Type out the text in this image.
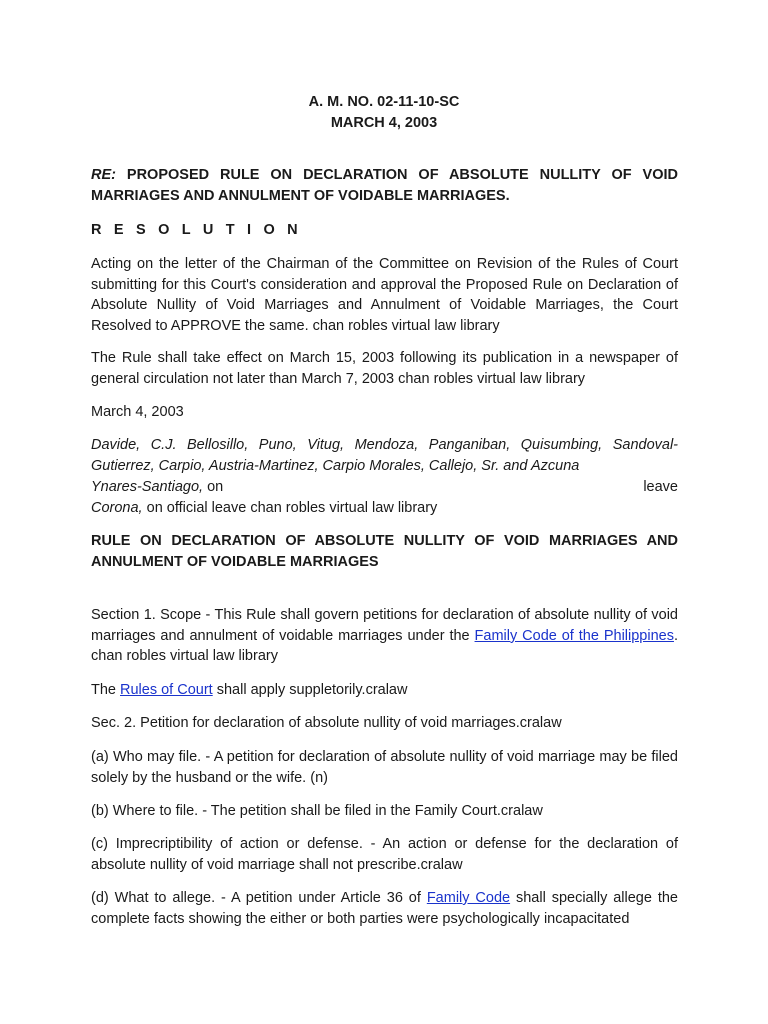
A. M. NO. 02-11-10-SC
MARCH 4, 2003

RE: PROPOSED RULE ON DECLARATION OF ABSOLUTE NULLITY OF VOID MARRIAGES AND ANNULMENT OF VOIDABLE MARRIAGES.

R E S O L U T I O N

Acting on the letter of the Chairman of the Committee on Revision of the Rules of Court submitting for this Court's consideration and approval the Proposed Rule on Declaration of Absolute Nullity of Void Marriages and Annulment of Voidable Marriages, the Court Resolved to APPROVE the same. chan robles virtual law library

The Rule shall take effect on March 15, 2003 following its publication in a newspaper of general circulation not later than March 7, 2003 chan robles virtual law library

March 4, 2003

Davide, C.J. Bellosillo, Puno, Vitug, Mendoza, Panganiban, Quisumbing, Sandoval-Gutierrez, Carpio, Austria-Martinez, Carpio Morales, Callejo, Sr. and Azcuna

Ynares-Santiago, on	leave

Corona, on official leave chan robles virtual law library

RULE ON DECLARATION OF ABSOLUTE NULLITY OF VOID MARRIAGES AND ANNULMENT OF VOIDABLE MARRIAGES

Section 1. Scope - This Rule shall govern petitions for declaration of absolute nullity of void marriages and annulment of voidable marriages under the Family Code of the Philippines. chan robles virtual law library

The Rules of Court shall apply suppletorily.cralaw

Sec. 2. Petition for declaration of absolute nullity of void marriages.cralaw

(a) Who may file. - A petition for declaration of absolute nullity of void marriage may be filed solely by the husband or the wife. (n)

(b) Where to file. - The petition shall be filed in the Family Court.cralaw

(c) Imprecriptibility of action or defense. - An action or defense for the declaration of absolute nullity of void marriage shall not prescribe.cralaw

(d) What to allege. - A petition under Article 36 of Family Code shall specially allege the complete facts showing the either or both parties were psychologically incapacitated
